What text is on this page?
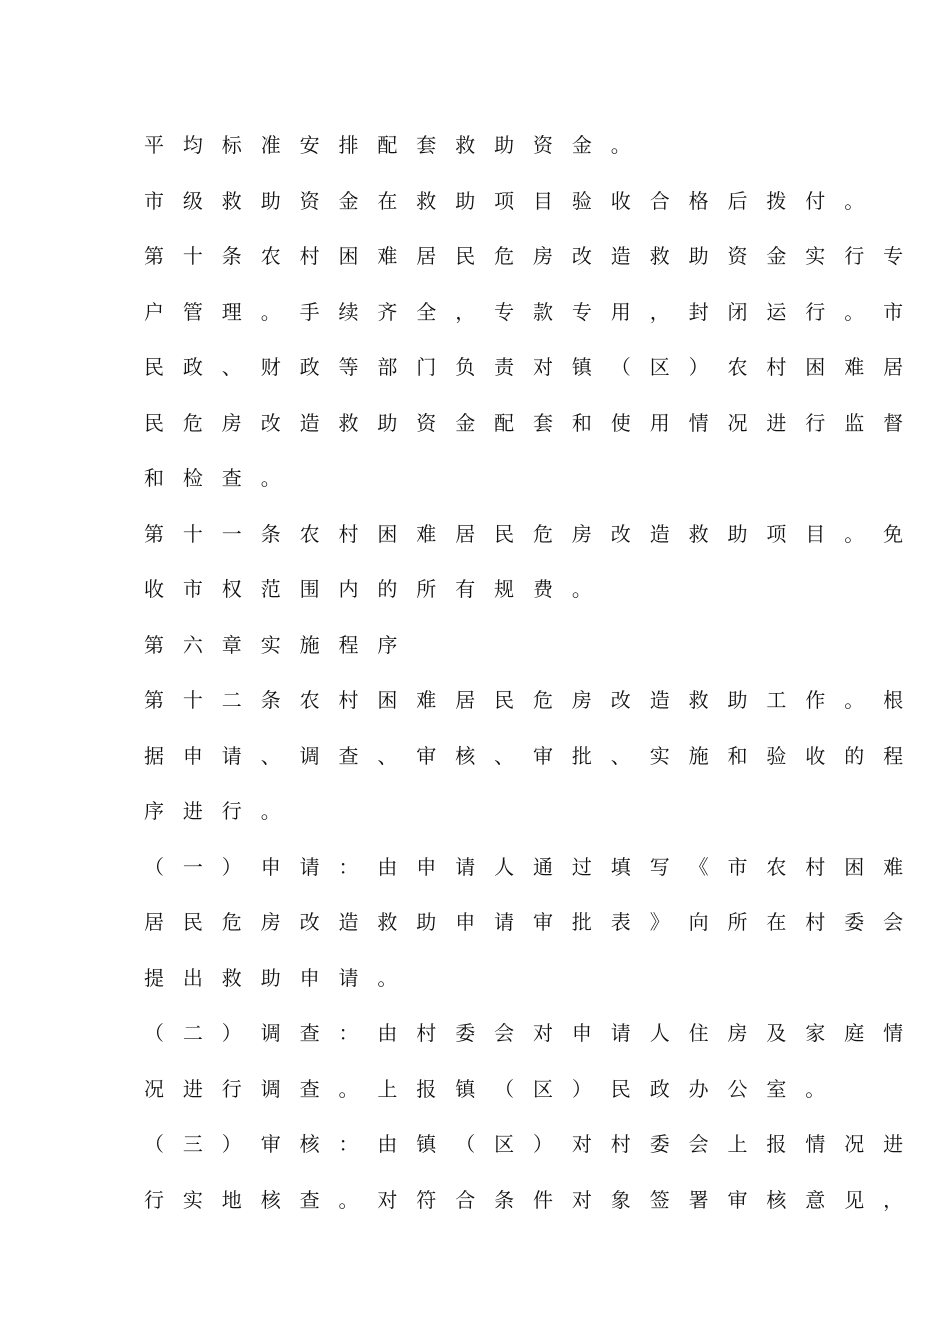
平均标准安排配套救助资金。
市级救助资金在救助项目验收合格后拨付。
第十条农村困难居民危房改造救助资金实行专
户管理。手续齐全，专款专用，封闭运行。市
民政、财政等部门负责对镇（区）农村困难居
民危房改造救助资金配套和使用情况进行监督
和检查。
第十一条农村困难居民危房改造救助项目。免
收市权范围内的所有规费。
第六章实施程序
第十二条农村困难居民危房改造救助工作。根
据申请、调查、审核、审批、实施和验收的程
序进行。
（一）申请：由申请人通过填写《市农村困难
居民危房改造救助申请审批表》向所在村委会
提出救助申请。
（二）调查：由村委会对申请人住房及家庭情
况进行调查。上报镇（区）民政办公室。
（三）审核：由镇（区）对村委会上报情况进
行实地核查。对符合条件对象签署审核意见，
